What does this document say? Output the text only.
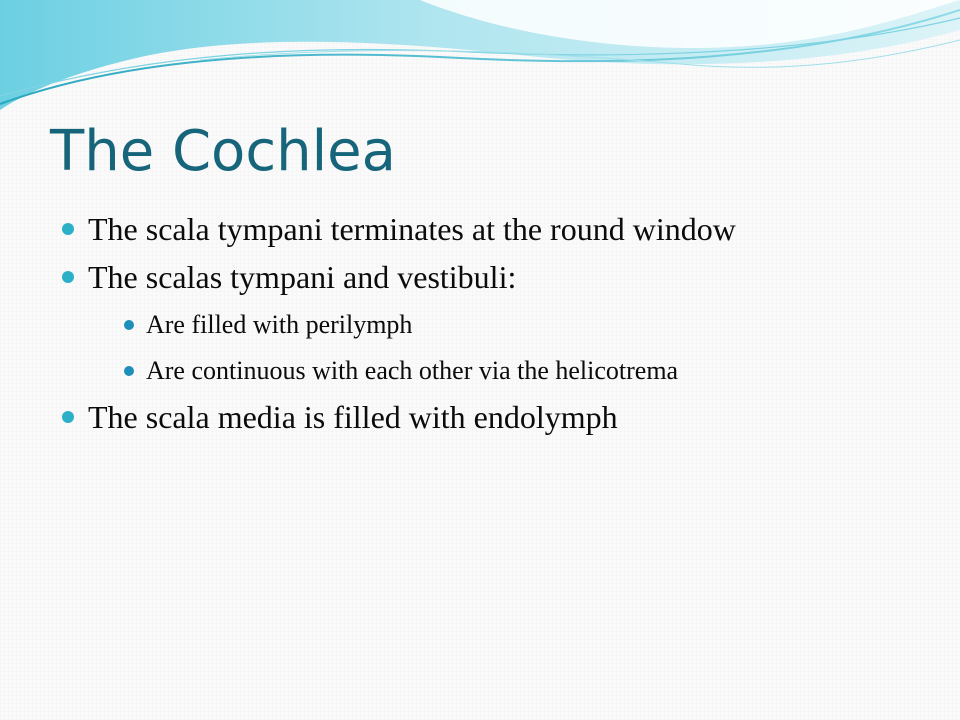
The Cochlea
The scala tympani terminates at the round window
The scalas tympani and vestibuli:
Are filled with perilymph
Are continuous with each other via the helicotrema
The scala media is filled with endolymph
